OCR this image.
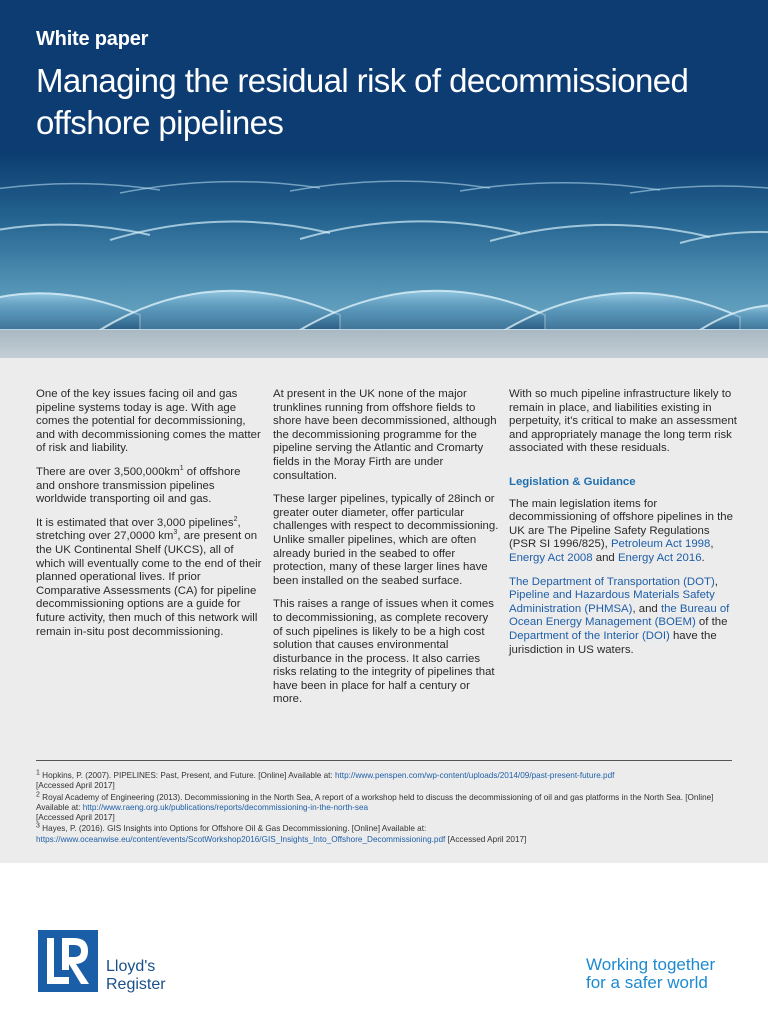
White paper
Managing the residual risk of decommissioned offshore pipelines

One of the key issues facing oil and gas pipeline systems today is age. With age comes the potential for decommissioning, and with decommissioning comes the matter of risk and liability.

There are over $3,500,000km^1$ of offshore and onshore transmission pipelines worldwide transporting oil and gas.

It is estimated that over 3,000 pipelines$^2$, stretching over 27,0000 $km^3$, are present on the UK Continental Shelf (UKCS), all of which will eventually come to the end of their planned operational lives. If prior Comparative Assessments (CA) for pipeline decommissioning options are a guide for future activity, then much of this network will remain in-situ post decommissioning.

At present in the UK none of the major trunklines running from offshore fields to shore have been decommissioned, although the decommissioning programme for the pipeline serving the Atlantic and Cromarty fields in the Moray Firth are under consultation.

These larger pipelines, typically of 28inch or greater outer diameter, offer particular challenges with respect to decommissioning. Unlike smaller pipelines, which are often already buried in the seabed to offer protection, many of these larger lines have been installed on the seabed surface.

This raises a range of issues when it comes to decommissioning, as complete recovery of such pipelines is likely to be a high cost solution that causes environmental disturbance in the process. It also carries risks relating to the integrity of pipelines that have been in place for half a century or more.

With so much pipeline infrastructure likely to remain in place, and liabilities existing in perpetuity, it's critical to make an assessment and appropriately manage the long term risk associated with these residuals.

Legislation & Guidance

The main legislation items for decommissioning of offshore pipelines in the UK are The Pipeline Safety Regulations (PSR SI 1996/825), Petroleum Act 1998, Energy Act 2008 and Energy Act 2016.

The Department of Transportation (DOT), Pipeline and Hazardous Materials Safety Administration (PHMSA), and the Bureau of Ocean Energy Management (BOEM) of the Department of the Interior (DOI) have the jurisdiction in US waters.

$^1$ Hopkins, P. (2007). PIPELINES: Past, Present, and Future. [Online] Available at: http://www.penspen.com/wp-content/uploads/2014/09/past-present-future.pdf
[Accessed April 2017]
$^2$ Royal Academy of Engineering (2013). Decommissioning in the North Sea, A report of a workshop held to discuss the decommissioning of oil and gas platforms in the North Sea. [Online] Available at: http://www.raeng.org.uk/publications/reports/decommissioning-in-the-north-sea
[Accessed April 2017]
$^3$ Hayes, P. (2016). GIS Insights into Options for Offshore Oil & Gas Decommissioning. [Online] Available at: https://www.oceanwise.eu/content/events/ScotWorkshop2016/GIS_Insights_Into_Offshore_Decommissioning.pdf [Accessed April 2017]
Lloyd's
Register
Working together
for a safer world
